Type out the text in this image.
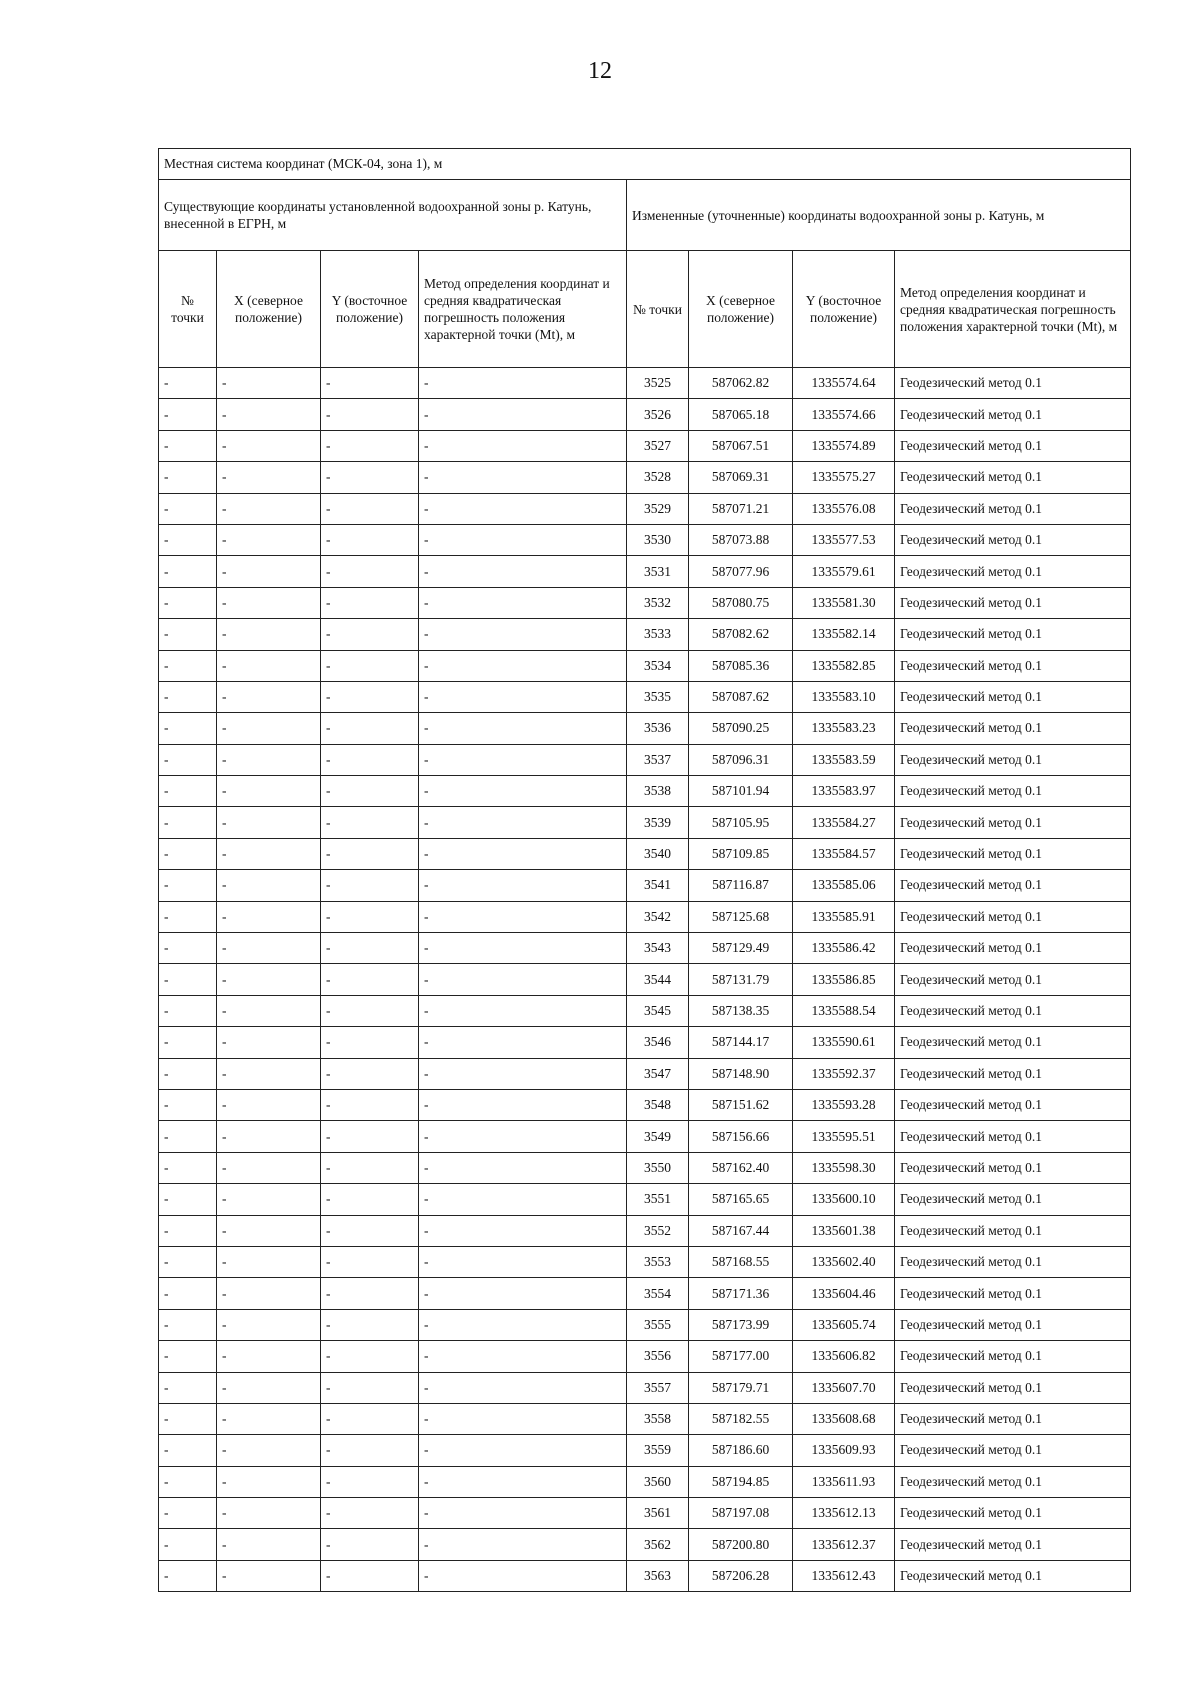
12
Местная система координат (МСК-04, зона 1), м							
Существующие координаты установленной водоохранной зоны р. Катунь, внесенной в ЕГРН, м				Измененные (уточненные) координаты водоохранной зоны р. Катунь, м			
№ точки	X (северное положение)	Y (восточное положение)	Метод определения координат и средняя квадратическая погрешность положения характерной точки (Mt), м	№ точки	X (северное положение)	Y (восточное положение)	Метод определения координат и средняя квадратическая погрешность положения характерной точки (Mt), м
-	-	-	-	3525	587062.82	1335574.64	Геодезический метод 0.1
-	-	-	-	3526	587065.18	1335574.66	Геодезический метод 0.1
-	-	-	-	3527	587067.51	1335574.89	Геодезический метод 0.1
-	-	-	-	3528	587069.31	1335575.27	Геодезический метод 0.1
-	-	-	-	3529	587071.21	1335576.08	Геодезический метод 0.1
-	-	-	-	3530	587073.88	1335577.53	Геодезический метод 0.1
-	-	-	-	3531	587077.96	1335579.61	Геодезический метод 0.1
-	-	-	-	3532	587080.75	1335581.30	Геодезический метод 0.1
-	-	-	-	3533	587082.62	1335582.14	Геодезический метод 0.1
-	-	-	-	3534	587085.36	1335582.85	Геодезический метод 0.1
-	-	-	-	3535	587087.62	1335583.10	Геодезический метод 0.1
-	-	-	-	3536	587090.25	1335583.23	Геодезический метод 0.1
-	-	-	-	3537	587096.31	1335583.59	Геодезический метод 0.1
-	-	-	-	3538	587101.94	1335583.97	Геодезический метод 0.1
-	-	-	-	3539	587105.95	1335584.27	Геодезический метод 0.1
-	-	-	-	3540	587109.85	1335584.57	Геодезический метод 0.1
-	-	-	-	3541	587116.87	1335585.06	Геодезический метод 0.1
-	-	-	-	3542	587125.68	1335585.91	Геодезический метод 0.1
-	-	-	-	3543	587129.49	1335586.42	Геодезический метод 0.1
-	-	-	-	3544	587131.79	1335586.85	Геодезический метод 0.1
-	-	-	-	3545	587138.35	1335588.54	Геодезический метод 0.1
-	-	-	-	3546	587144.17	1335590.61	Геодезический метод 0.1
-	-	-	-	3547	587148.90	1335592.37	Геодезический метод 0.1
-	-	-	-	3548	587151.62	1335593.28	Геодезический метод 0.1
-	-	-	-	3549	587156.66	1335595.51	Геодезический метод 0.1
-	-	-	-	3550	587162.40	1335598.30	Геодезический метод 0.1
-	-	-	-	3551	587165.65	1335600.10	Геодезический метод 0.1
-	-	-	-	3552	587167.44	1335601.38	Геодезический метод 0.1
-	-	-	-	3553	587168.55	1335602.40	Геодезический метод 0.1
-	-	-	-	3554	587171.36	1335604.46	Геодезический метод 0.1
-	-	-	-	3555	587173.99	1335605.74	Геодезический метод 0.1
-	-	-	-	3556	587177.00	1335606.82	Геодезический метод 0.1
-	-	-	-	3557	587179.71	1335607.70	Геодезический метод 0.1
-	-	-	-	3558	587182.55	1335608.68	Геодезический метод 0.1
-	-	-	-	3559	587186.60	1335609.93	Геодезический метод 0.1
-	-	-	-	3560	587194.85	1335611.93	Геодезический метод 0.1
-	-	-	-	3561	587197.08	1335612.13	Геодезический метод 0.1
-	-	-	-	3562	587200.80	1335612.37	Геодезический метод 0.1
-	-	-	-	3563	587206.28	1335612.43	Геодезический метод 0.1
